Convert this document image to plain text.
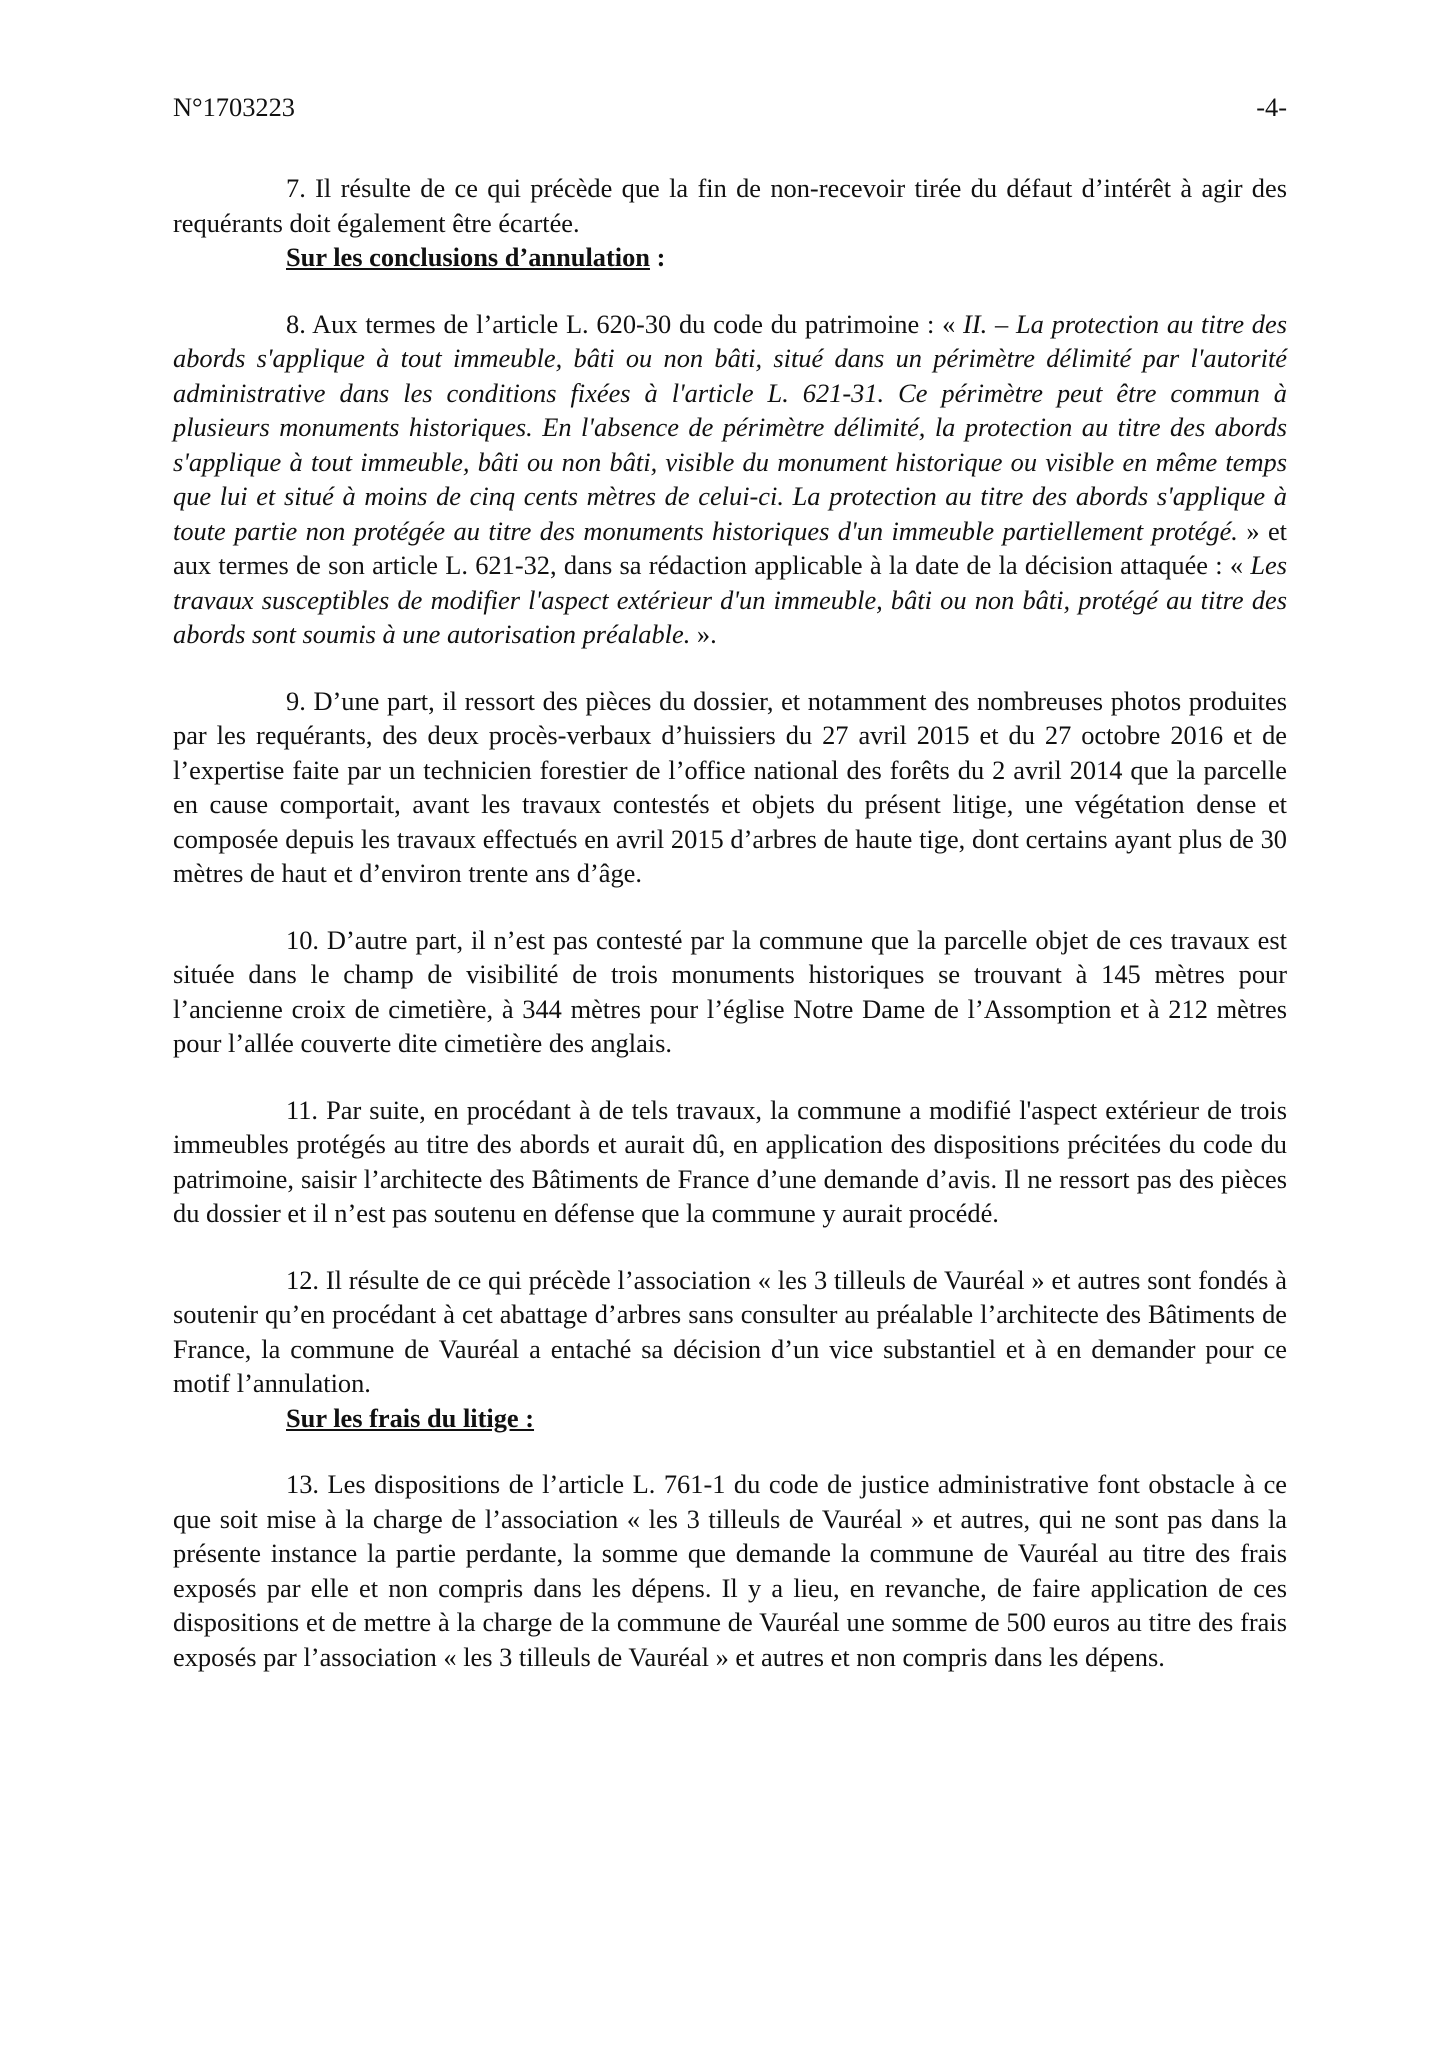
N°1703223	-4-

7. Il résulte de ce qui précède que la fin de non-recevoir tirée du défaut d’intérêt à agir des requérants doit également être écartée.

Sur les conclusions d’annulation :

8. Aux termes de l’article L. 620-30 du code du patrimoine : « II. – La protection au titre des abords s'applique à tout immeuble, bâti ou non bâti, situé dans un périmètre délimité par l'autorité administrative dans les conditions fixées à l'article L. 621-31. Ce périmètre peut être commun à plusieurs monuments historiques. En l'absence de périmètre délimité, la protection au titre des abords s'applique à tout immeuble, bâti ou non bâti, visible du monument historique ou visible en même temps que lui et situé à moins de cinq cents mètres de celui-ci. La protection au titre des abords s'applique à toute partie non protégée au titre des monuments historiques d'un immeuble partiellement protégé. » et aux termes de son article L. 621-32, dans sa rédaction applicable à la date de la décision attaquée : « Les travaux susceptibles de modifier l'aspect extérieur d'un immeuble, bâti ou non bâti, protégé au titre des abords sont soumis à une autorisation préalable. ».

9. D’une part, il ressort des pièces du dossier, et notamment des nombreuses photos produites par les requérants, des deux procès-verbaux d’huissiers du 27 avril 2015 et du 27 octobre 2016 et de l’expertise faite par un technicien forestier de l’office national des forêts du 2 avril 2014 que la parcelle en cause comportait, avant les travaux contestés et objets du présent litige, une végétation dense et composée depuis les travaux effectués en avril 2015 d’arbres de haute tige, dont certains ayant plus de 30 mètres de haut et d’environ trente ans d’âge.

10. D’autre part, il n’est pas contesté par la commune que la parcelle objet de ces travaux est située dans le champ de visibilité de trois monuments historiques se trouvant à 145 mètres pour l’ancienne croix de cimetière, à 344 mètres pour l’église Notre Dame de l’Assomption et à 212 mètres pour l’allée couverte dite cimetière des anglais.

11. Par suite, en procédant à de tels travaux, la commune a modifié l'aspect extérieur de trois immeubles protégés au titre des abords et aurait dû, en application des dispositions précitées du code du patrimoine, saisir l’architecte des Bâtiments de France d’une demande d’avis. Il ne ressort pas des pièces du dossier et il n’est pas soutenu en défense que la commune y aurait procédé.

12. Il résulte de ce qui précède l’association « les 3 tilleuls de Vauréal » et autres sont fondés à soutenir qu’en procédant à cet abattage d’arbres sans consulter au préalable l’architecte des Bâtiments de France, la commune de Vauréal a entaché sa décision d’un vice substantiel et à en demander pour ce motif l’annulation.

Sur les frais du litige :

13. Les dispositions de l’article L. 761-1 du code de justice administrative font obstacle à ce que soit mise à la charge de l’association « les 3 tilleuls de Vauréal » et autres, qui ne sont pas dans la présente instance la partie perdante, la somme que demande la commune de Vauréal au titre des frais exposés par elle et non compris dans les dépens. Il y a lieu, en revanche, de faire application de ces dispositions et de mettre à la charge de la commune de Vauréal une somme de 500 euros au titre des frais exposés par l’association « les 3 tilleuls de Vauréal » et autres et non compris dans les dépens.
